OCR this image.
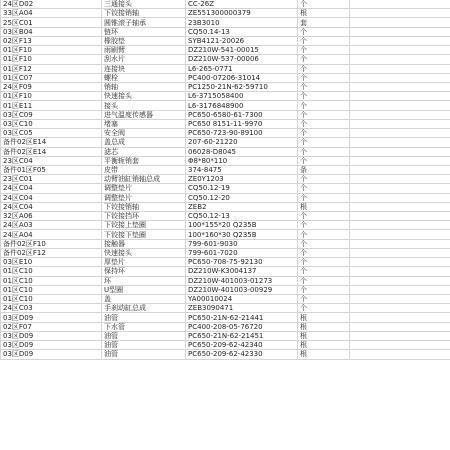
24区D02	三通接头	CC-26Z	个	
33区A04	下铰接销轴	ZE551300000379	根	
25区C01	圆锥滚子轴承	23B3010	套	
03区B04	链环	CQ50.14-13	个	
02区F13	橡胶垫	SYB4121-20026	个	
01区F10	雨刷臂	DZ210W-541-00015	个	
01区F10	刮水片	DZ210W-537-00006	个	
01区F12	连接块	L6-265-0771	个	
01区C07	螺栓	PC400-07206-31014	个	
24区F09	销轴	PC1250-21N-62-59710	个	
01区F10	快速接头	L6-3715058400	个	
01区E11	接头	L6-3176848900	个	
03区C09	进气温度传感器	PC650-6580-61-7300	个	
03区C10	堵塞	PC650 8151-11-9970	个	
03区C05	安全阀	PC650-723-90-89100	个	
备件02区E14	盖总成	207-60-21220	个	
备件02区E14	滤芯	06028-D8045	个	
23区C04	平衡轭销套	Φ8*80*110	个	
备件01区F05	皮带	374-8475	条	
23区C01	动臂油缸销轴总成	ZE0Y1203	个	
24区C04	调整垫片	CQ50.12-19	个	
24区C04	调整垫片	CQ50.12-20	个	
24区C04	下铰接销轴	ZEB2	根	
32区A06	下铰接挡环	CQ50.12-13	个	
24区A03	下铰接上垫圈	100*155*20 Q235B	个	
24区A04	下铰接下垫圈	100*160*30 Q235B	个	
备件02区F10	接触器	799-601-9030	个	
备件02区F12	快速接头	799-601-7020	个	
03区E10	厚垫片	PC650-708-75-92130	个	
01区C10	保持环	DZ210W-K3004137	个	
01区C10	环	DZ210W-401003-01273	个	
01区C10	U型圈	DZ210W-401003-00929	个	
01区C10	盖	YA00010024	个	
24区C03	手刹动缸总成	ZEB3090471	个	
03区D09	油管	PC650-21N-62-21441	根	
02区F07	下水管	PC400-208-05-76720	根	
03区D09	油管	PC650-21N-62-21451	根	
03区D09	油管	PC650-209-62-42340	根	
03区D09	油管	PC650-209-62-42330	根	
